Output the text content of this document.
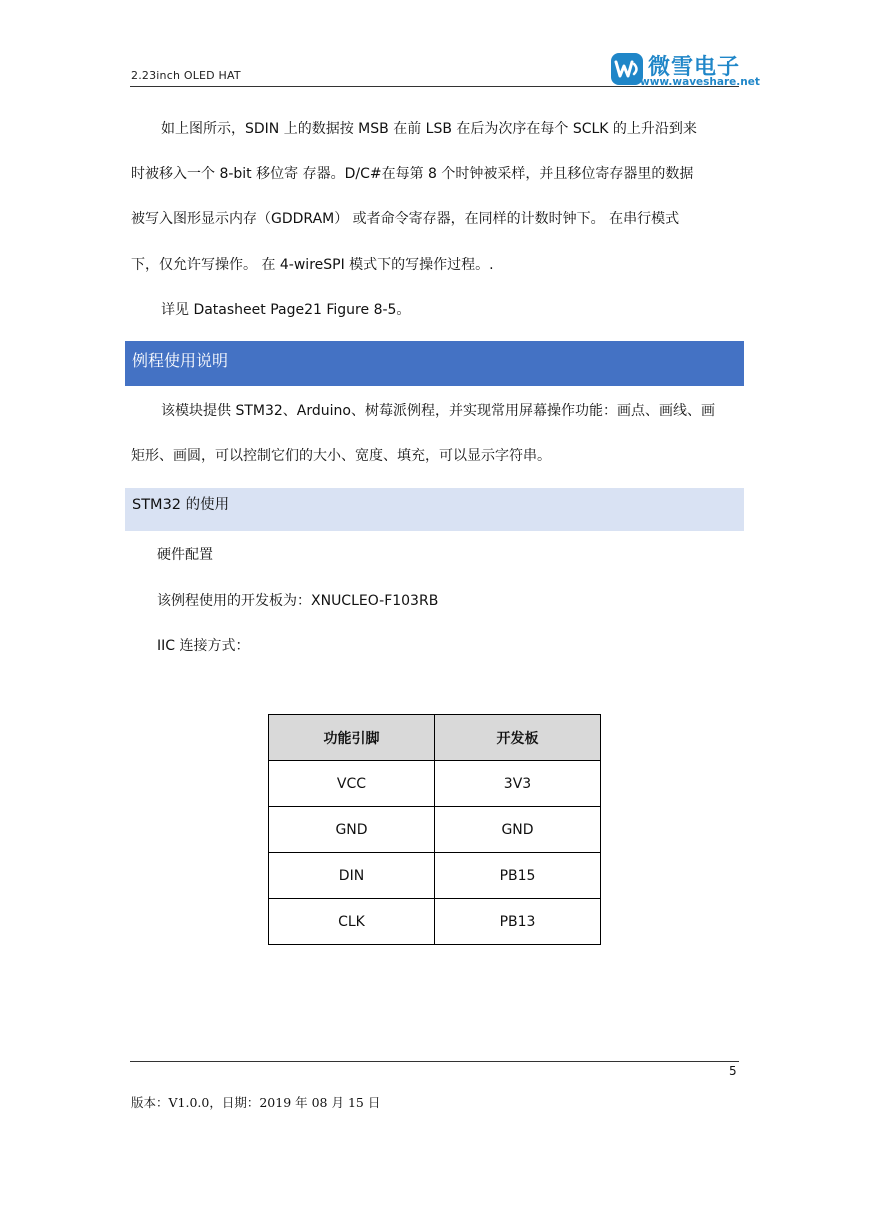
2.23inch OLED HAT	微雪电子
www.waveshare.net
如上图所示，SDIN 上的数据按 MSB 在前 LSB 在后为次序在每个 SCLK 的上升沿到来
时被移入一个 8-bit 移位寄 存器。D/C#在每第 8 个时钟被采样，并且移位寄存器里的数据
被写入图形显示内存（GDDRAM） 或者命令寄存器，在同样的计数时钟下。 在串行模式
下，仅允许写操作。 在 4-wireSPI 模式下的写操作过程。.
详见 Datasheet Page21 Figure 8-5。
例程使用说明
该模块提供 STM32、Arduino、树莓派例程，并实现常用屏幕操作功能：画点、画线、画
矩形、画圆，可以控制它们的大小、宽度、填充，可以显示字符串。
STM32 的使用
硬件配置
该例程使用的开发板为：XNUCLEO-F103RB
IIC 连接方式：
功能引脚	开发板
VCC	3V3
GND	GND
DIN	PB15
CLK	PB13
5
版本：V1.0.0，日期：2019 年 08 月 15 日
